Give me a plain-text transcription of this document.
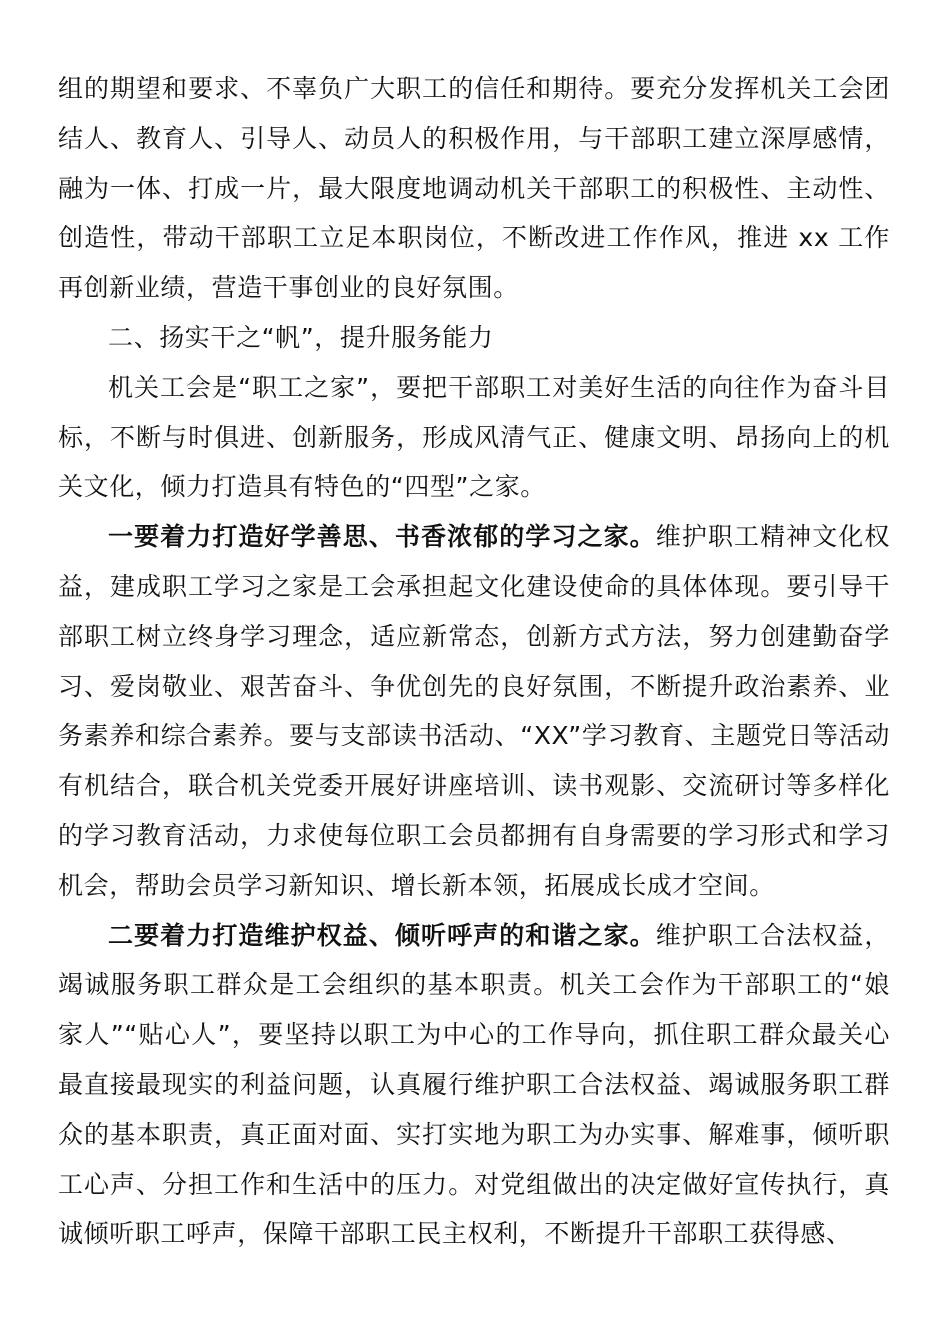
组的期望和要求、不辜负广大职工的信任和期待。要充分发挥机关工会团结人、教育人、引导人、动员人的积极作用，与干部职工建立深厚感情，融为一体、打成一片，最大限度地调动机关干部职工的积极性、主动性、创造性，带动干部职工立足本职岗位，不断改进工作作风，推进 xx 工作再创新业绩，营造干事创业的良好氛围。

二、扬实干之“帆”，提升服务能力

机关工会是“职工之家”，要把干部职工对美好生活的向往作为奋斗目标，不断与时俱进、创新服务，形成风清气正、健康文明、昂扬向上的机关文化，倾力打造具有特色的“四型”之家。

一要着力打造好学善思、书香浓郁的学习之家。维护职工精神文化权益，建成职工学习之家是工会承担起文化建设使命的具体体现。要引导干部职工树立终身学习理念，适应新常态，创新方式方法，努力创建勤奋学习、爱岗敬业、艰苦奋斗、争优创先的良好氛围，不断提升政治素养、业务素养和综合素养。要与支部读书活动、“XX”学习教育、主题党日等活动有机结合，联合机关党委开展好讲座培训、读书观影、交流研讨等多样化的学习教育活动，力求使每位职工会员都拥有自身需要的学习形式和学习机会，帮助会员学习新知识、增长新本领，拓展成长成才空间。

二要着力打造维护权益、倾听呼声的和谐之家。维护职工合法权益，竭诚服务职工群众是工会组织的基本职责。机关工会作为干部职工的“娘家人”“贴心人”，要坚持以职工为中心的工作导向，抓住职工群众最关心最直接最现实的利益问题，认真履行维护职工合法权益、竭诚服务职工群众的基本职责，真正面对面、实打实地为职工为办实事、解难事，倾听职工心声、分担工作和生活中的压力。对党组做出的决定做好宣传执行，真诚倾听职工呼声，保障干部职工民主权利，不断提升干部职工获得感、
